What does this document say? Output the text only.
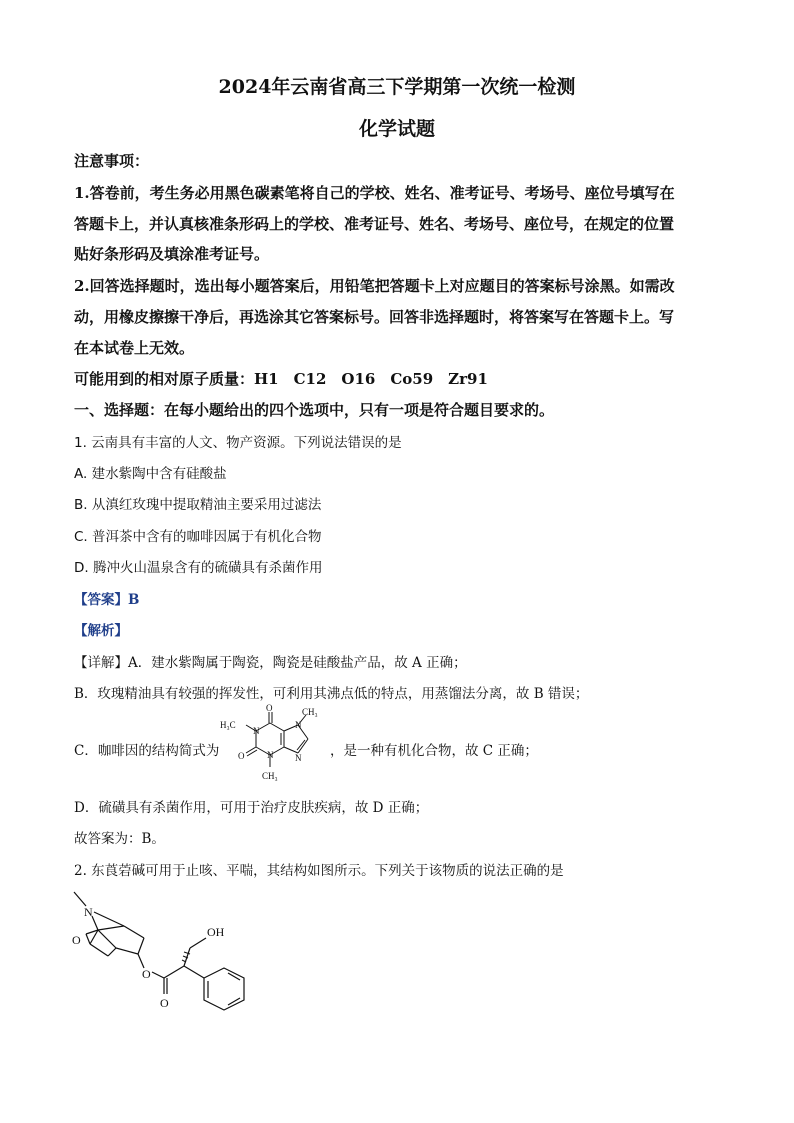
2024年云南省高三下学期第一次统一检测
化学试题
注意事项：
1.答卷前，考生务必用黑色碳素笔将自己的学校、姓名、准考证号、考场号、座位号填写在
答题卡上，并认真核准条形码上的学校、准考证号、姓名、考场号、座位号，在规定的位置
贴好条形码及填涂准考证号。
2.回答选择题时，选出每小题答案后，用铅笔把答题卡上对应题目的答案标号涂黑。如需改
动，用橡皮擦擦干净后，再选涂其它答案标号。回答非选择题时，将答案写在答题卡上。写
在本试卷上无效。
可能用到的相对原子质量：H1　C12　O16　Co59　Zr91
一、选择题：在每小题给出的四个选项中，只有一项是符合题目要求的。
1. 云南具有丰富的人文、物产资源。下列说法错误的是
A. 建水紫陶中含有硅酸盐
B. 从滇红玫瑰中提取精油主要采用过滤法
C. 普洱茶中含有的咖啡因属于有机化合物
D. 腾冲火山温泉含有的硫磺具有杀菌作用
【答案】B
【解析】
【详解】A．建水紫陶属于陶瓷，陶瓷是硅酸盐产品，故 A 正确；
B．玫瑰精油具有较强的挥发性，可利用其沸点低的特点，用蒸馏法分离，故 B 错误；
C．咖啡因的结构简式为
O
N
H₃C
O	N
CH₃
N
CH₃
N ，是一种有机化合物，故 C 正确；
D．硫磺具有杀菌作用，可用于治疗皮肤疾病，故 D 正确；
故答案为：B。
2. 东莨菪碱可用于止咳、平喘，其结构如图所示。下列关于该物质的说法正确的是
N
O
O
O
OH
